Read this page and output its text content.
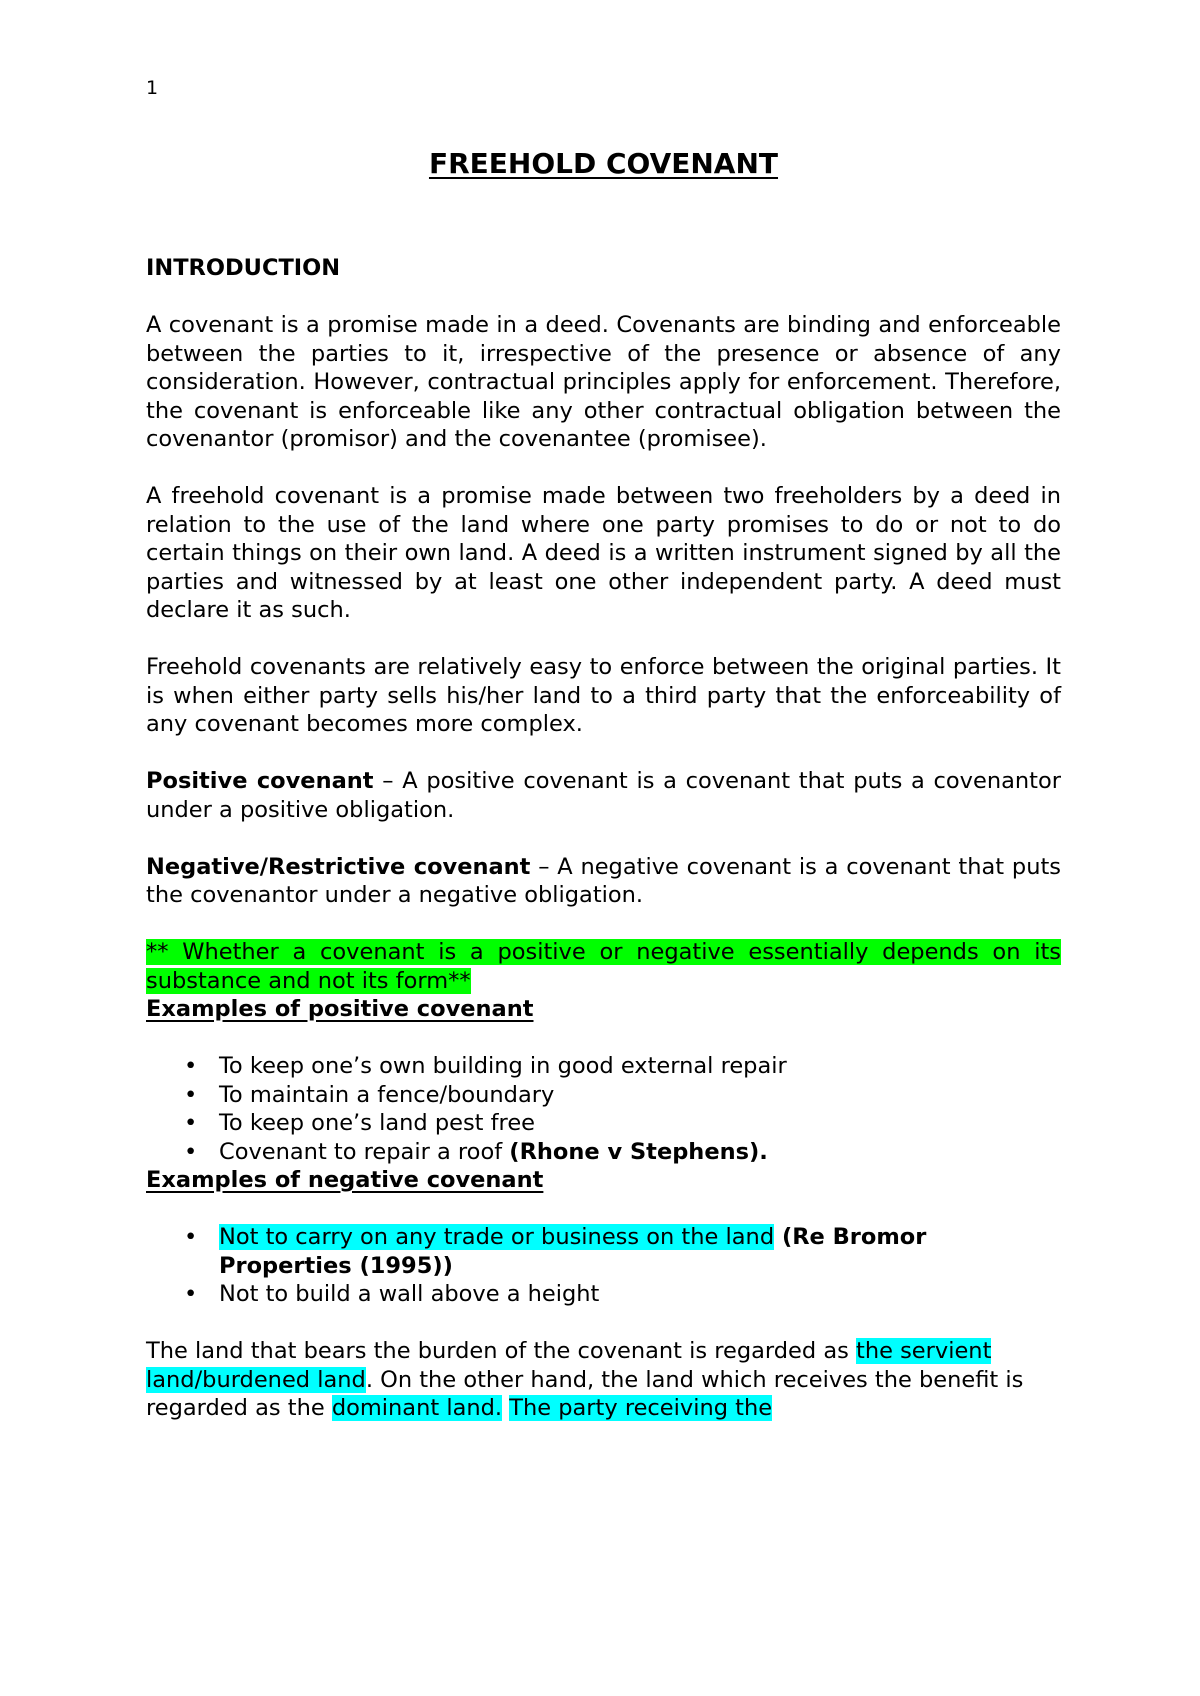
1
FREEHOLD COVENANT

INTRODUCTION

A covenant is a promise made in a deed. Covenants are binding and enforceable between the parties to it, irrespective of the presence or absence of any consideration. However, contractual principles apply for enforcement. Therefore, the covenant is enforceable like any other contractual obligation between the covenantor (promisor) and the covenantee (promisee).

A freehold covenant is a promise made between two freeholders by a deed in relation to the use of the land where one party promises to do or not to do certain things on their own land. A deed is a written instrument signed by all the parties and witnessed by at least one other independent party. A deed must declare it as such.

Freehold covenants are relatively easy to enforce between the original parties. It is when either party sells his/her land to a third party that the enforceability of any covenant becomes more complex.

Positive covenant – A positive covenant is a covenant that puts a covenantor under a positive obligation.

Negative/Restrictive covenant – A negative covenant is a covenant that puts the covenantor under a negative obligation.

** Whether a covenant is a positive or negative essentially depends on its substance and not its form**

Examples of positive covenant

• To keep one’s own building in good external repair
• To maintain a fence/boundary
• To keep one’s land pest free
• Covenant to repair a roof (Rhone v Stephens).

Examples of negative covenant

• Not to carry on any trade or business on the land (Re Bromor Properties (1995))
• Not to build a wall above a height

The land that bears the burden of the covenant is regarded as the servient land/burdened land. On the other hand, the land which receives the benefit is regarded as the dominant land. The party receiving the
